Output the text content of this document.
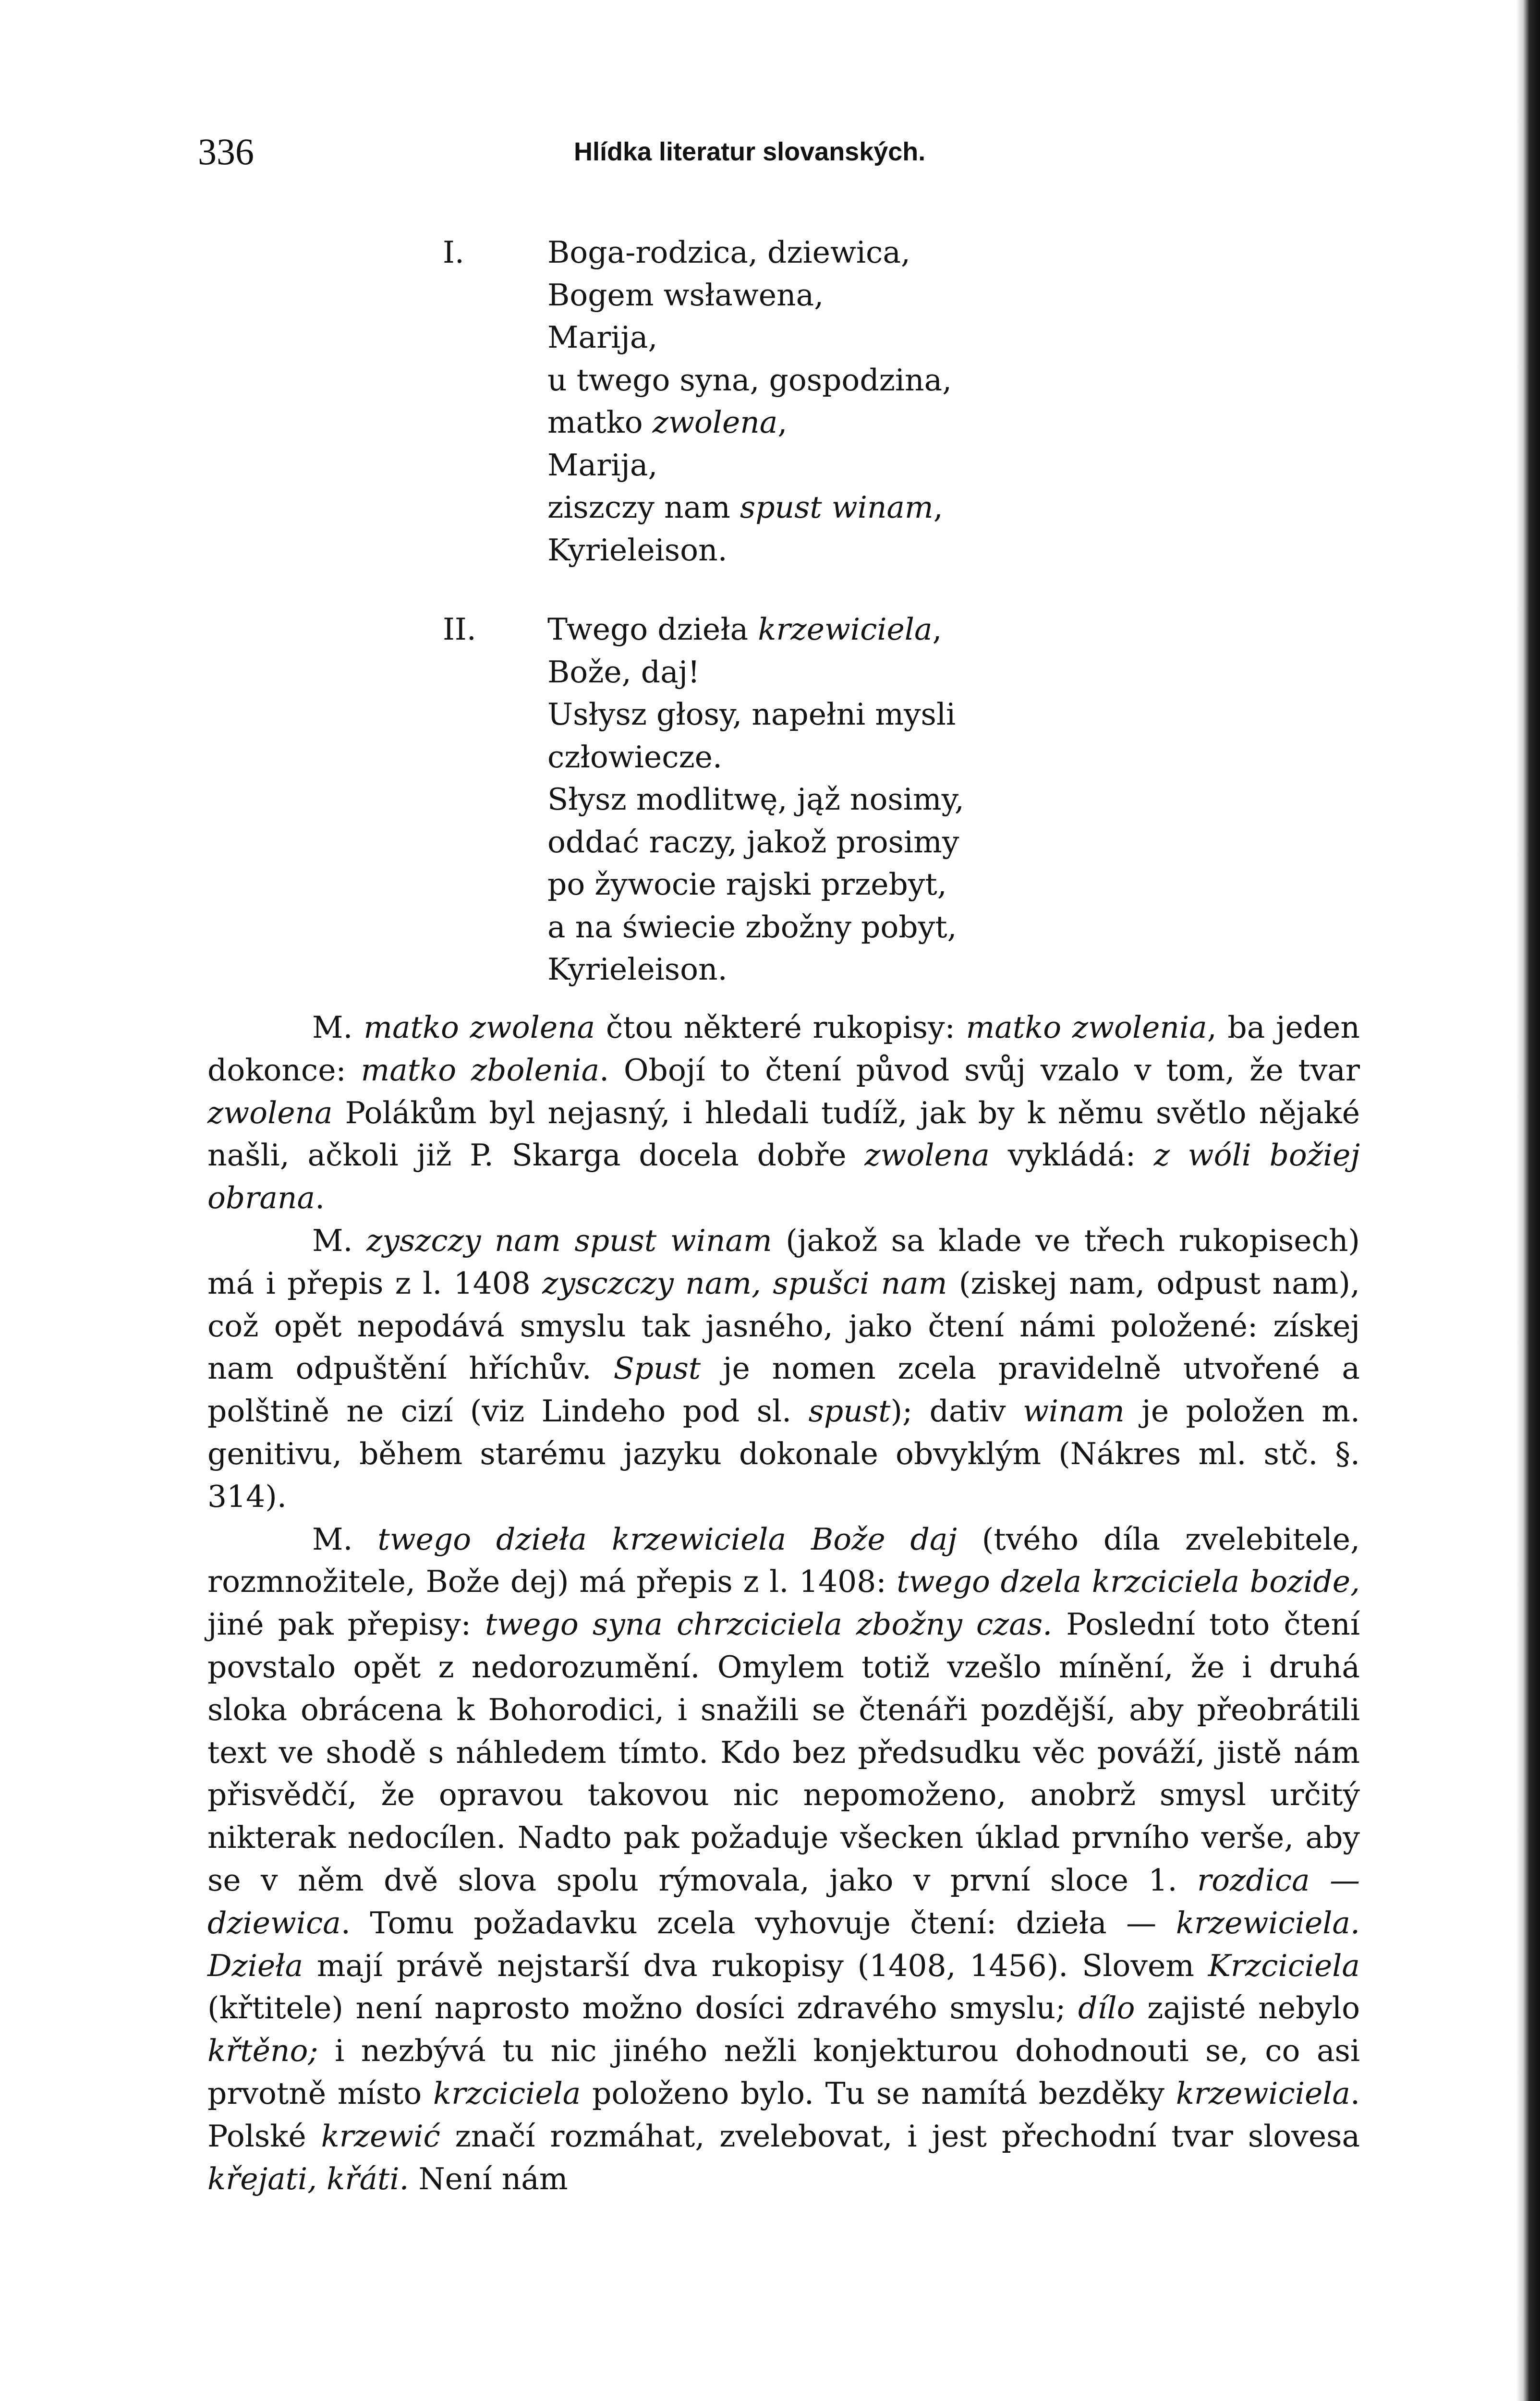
336	Hlídka literatur slovanských.
I.	Boga-rodzica, dziewica,
Bogem wsławena,
Marija,
u twego syna, gospodzina,
matko zwolena,
Marija,
ziszczy nam spust winam,
Kyrieleison.
II.	Twego dzieła krzewiciela,
Bože, daj!
Usłysz głosy, napełni mysli
człowiecze.
Słysz modlitwę, jąž nosimy,
oddać raczy, jakož prosimy
po žywocie rajski przebyt,
a na świecie zbožny pobyt,
Kyrieleison.

M. matko zwolena čtou některé rukopisy: matko zwolenia, ba jeden dokonce: matko zbolenia. Obojí to čtení původ svůj vzalo v tom, že tvar zwolena Polákům byl nejasný, i hledali tudíž, jak by k němu světlo nějaké našli, ačkoli již P. Skarga docela dobře zwolena vykládá: z wóli božiej obrana.

M. zyszczy nam spust winam (jakož sa klade ve třech rukopisech) má i přepis z l. 1408 zysczczy nam, spušci nam (ziskej nam, odpust nam), což opět nepodává smyslu tak jasného, jako čtení námi položené: získej nam odpuštění hříchův. Spust je nomen zcela pravidelně utvořené a polštině ne cizí (viz Lindeho pod sl. spust); dativ winam je položen m. genitivu, během starému jazyku dokonale obvyklým (Nákres ml. stč. §. 314).

M. twego dzieła krzewiciela Bože daj (tvého díla zvelebitele, rozmnožitele, Bože dej) má přepis z l. 1408: twego dzela krzciciela bozide, jiné pak přepisy: twego syna chrzciciela zbožny czas. Poslední toto čtení povstalo opět z nedorozumění. Omylem totiž vzešlo mínění, že i druhá sloka obrácena k Bohorodici, i snažili se čtenáři pozdější, aby přeobrátili text ve shodě s náhledem tímto. Kdo bez předsudku věc pováží, jistě nám přisvědčí, že opravou takovou nic nepomoženo, anobrž smysl určitý nikterak nedocílen. Nadto pak požaduje všecken úklad prvního verše, aby se v něm dvě slova spolu rýmovala, jako v první sloce 1. rozdica — dziewica. Tomu požadavku zcela vyhovuje čtení: dzieła — krzewiciela. Dzieła mají právě nejstarší dva rukopisy (1408, 1456). Slovem Krzciciela (křtitele) není naprosto možno dosíci zdravého smyslu; dílo zajisté nebylo křtěno; i nezbývá tu nic jiného nežli konjekturou dohodnouti se, co asi prvotně místo krzciciela položeno bylo. Tu se namítá bezděky krzewiciela. Polské krzewić značí rozmáhat, zvelebovat, i jest přechodní tvar slovesa křejati, křáti. Není nám
